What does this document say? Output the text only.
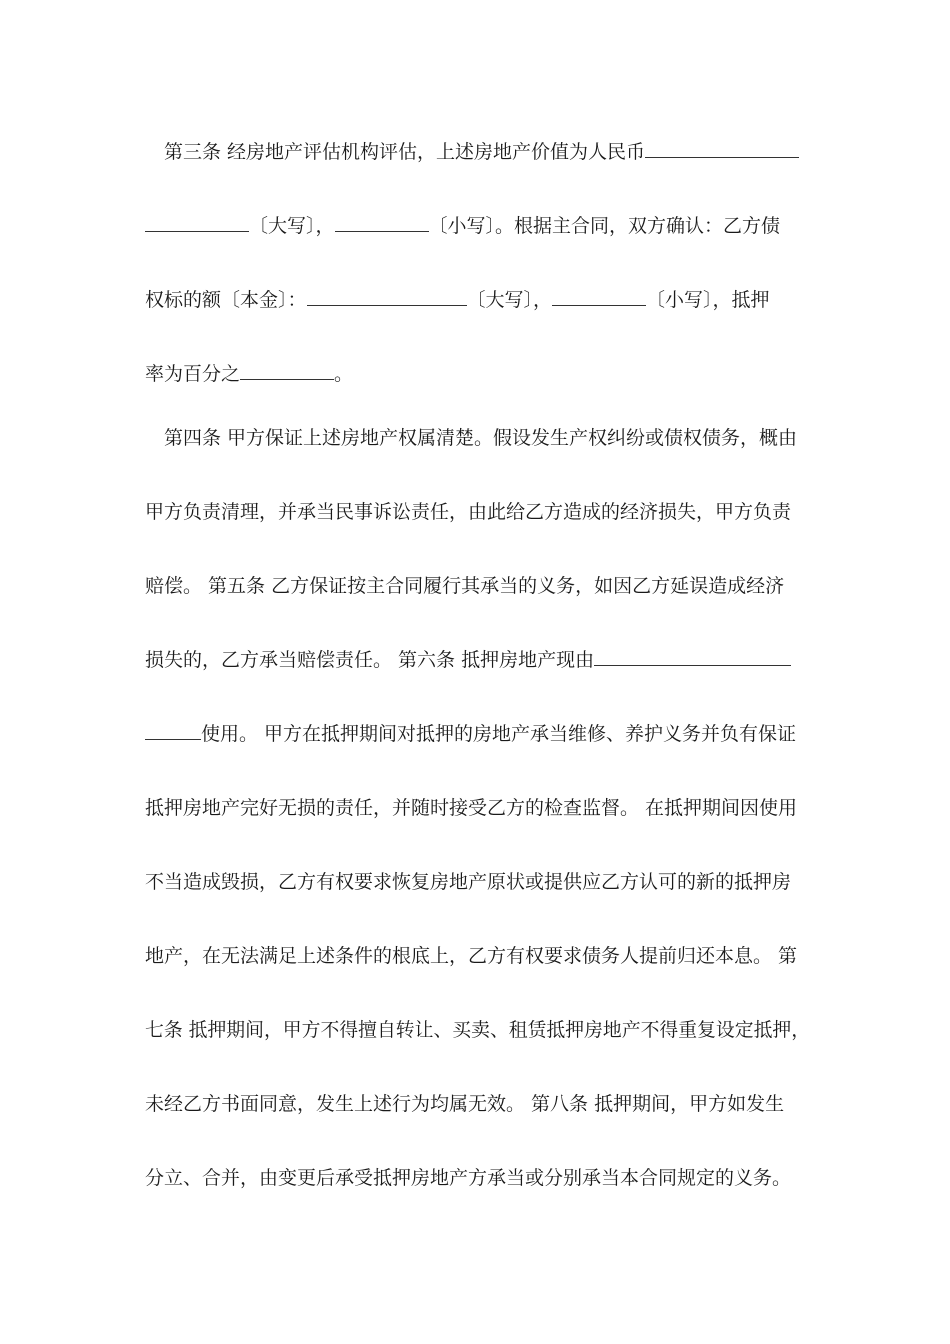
　第三条 经房地产评估机构评估，上述房地产价值为人民币
〔大写〕，	〔小写〕。根据主合同，双方确认：乙方债
权标的额〔本金〕：	〔大写〕，	〔小写〕，抵押
率为百分之	。
　第四条 甲方保证上述房地产权属清楚。假设发生产权纠纷或债权债务，概由
甲方负责清理，并承当民事诉讼责任，由此给乙方造成的经济损失，甲方负责
赔偿。 第五条 乙方保证按主合同履行其承当的义务，如因乙方延误造成经济
损失的，乙方承当赔偿责任。 第六条 抵押房地产现由
使用。 甲方在抵押期间对抵押的房地产承当维修、养护义务并负有保证
抵押房地产完好无损的责任，并随时接受乙方的检查监督。 在抵押期间因使用
不当造成毁损，乙方有权要求恢复房地产原状或提供应乙方认可的新的抵押房
地产，在无法满足上述条件的根底上，乙方有权要求债务人提前归还本息。 第
七条 抵押期间，甲方不得擅自转让、买卖、租赁抵押房地产不得重复设定抵押，
未经乙方书面同意，发生上述行为均属无效。 第八条 抵押期间，甲方如发生
分立、合并，由变更后承受抵押房地产方承当或分别承当本合同规定的义务。
